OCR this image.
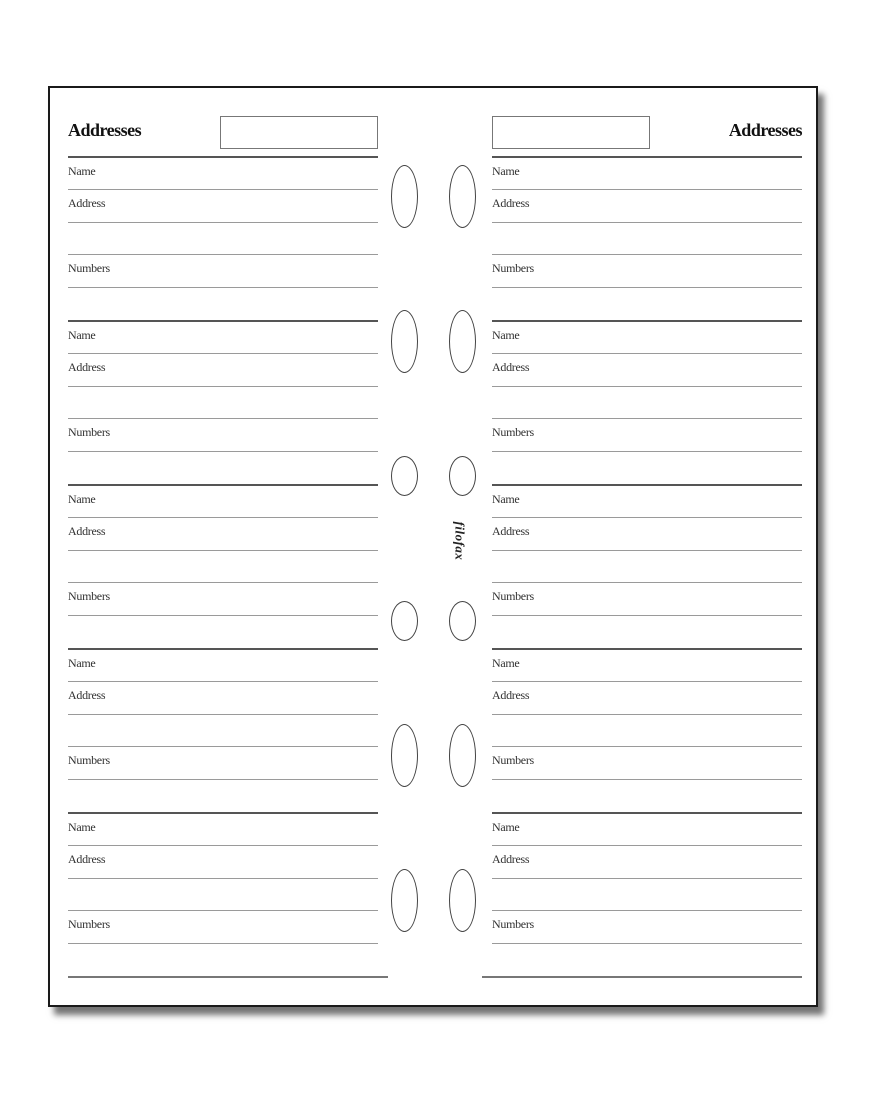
Addresses
Name
Address
Numbers
Name
Address
Numbers
Name
Address
Numbers
Name
Address
Numbers
Name
Address
Numbers
Addresses
Name
Address
Numbers
Name
Address
Numbers
Name
Address
Numbers
Name
Address
Numbers
Name
Address
Numbers
filofax
